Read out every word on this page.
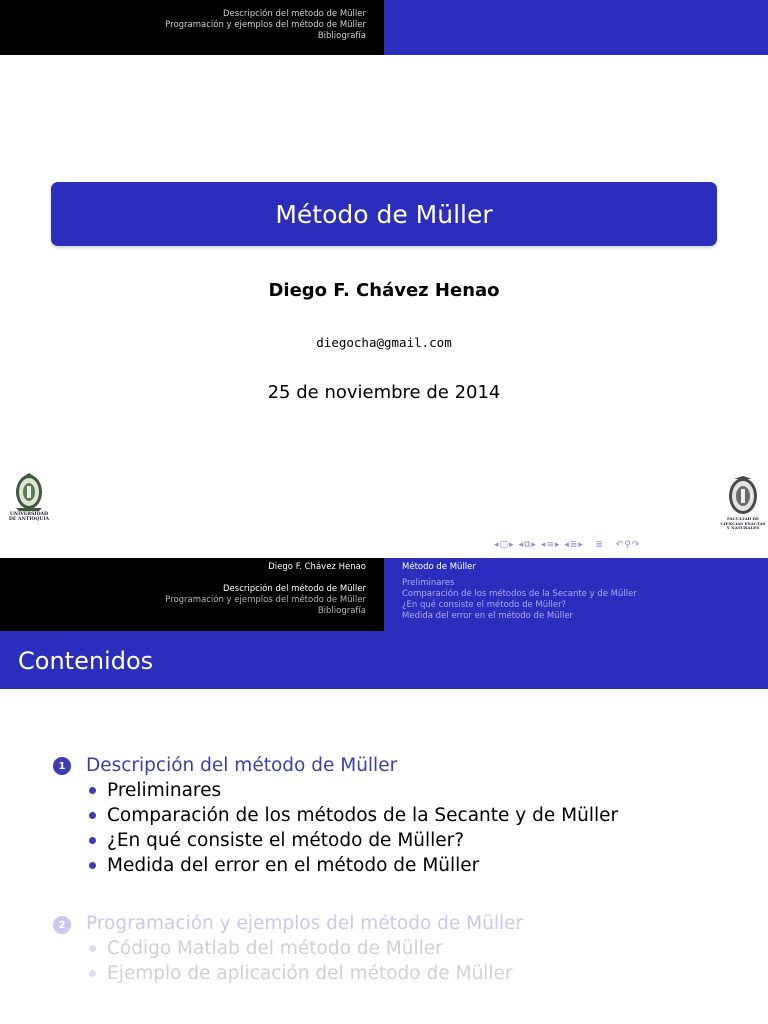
Descripción del método de Müller
Programación y ejemplos del método de Müller
Bibliografía
Método de Müller
Diego F. Chávez Henao
diegocha@gmail.com
25 de noviembre de 2014
UNIVERSIDAD
DE ANTIOQUIA	FACULTAD DE
CIENCIAS EXACTAS
Y NATURALES
◂▢▸ ◂⧉▸ ◂≡▸ ◂≣▸   ≣   ↶⚲↷
Diego F. Chávez Henao
Descripción del método de Müller
Programación y ejemplos del método de Müller
Bibliografía
Método de Müller
Preliminares
Comparación de los métodos de la Secante y de Müller
¿En qué consiste el método de Müller?
Medida del error en el método de Müller
Contenidos
1 Descripción del método de Müller
Preliminares
Comparación de los métodos de la Secante y de Müller
¿En qué consiste el método de Müller?
Medida del error en el método de Müller
2 Programación y ejemplos del método de Müller
Código Matlab del método de Müller
Ejemplo de aplicación del método de Müller
